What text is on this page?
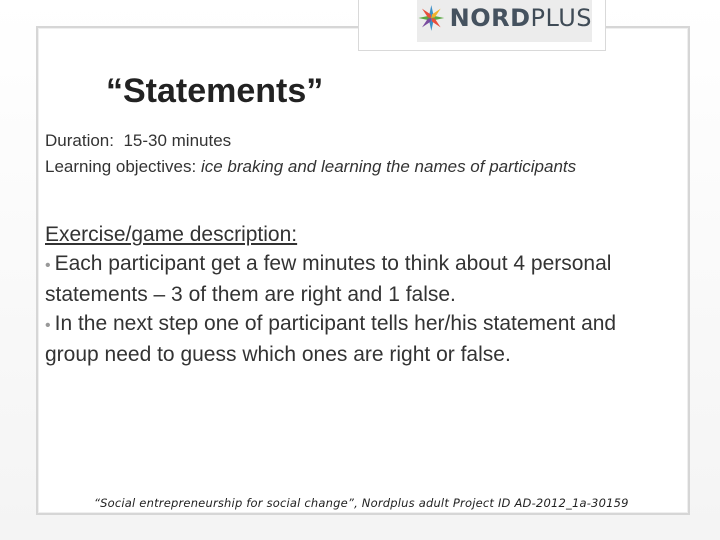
NORDPLUS
“Statements”
Duration: 15-30 minutes
Learning objectives: ice braking and learning the names of participants
Exercise/game description:
• Each participant get a few minutes to think about 4 personal statements – 3 of them are right and 1 false.
• In the next step one of participant tells her/his statement and group need to guess which ones are right or false.
“Social entrepreneurship for social change”, Nordplus adult Project ID AD-2012_1a-30159
